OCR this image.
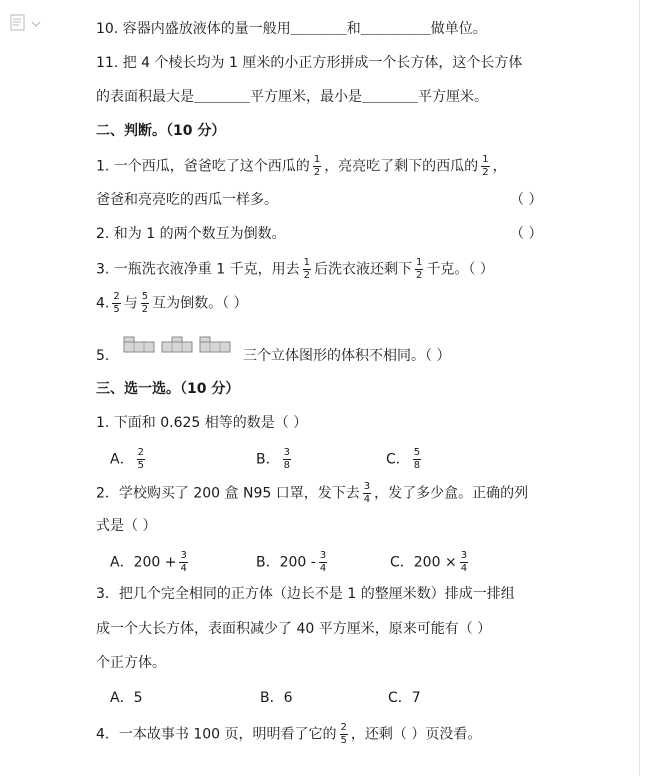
10. 容器内盛放液体的量一般用＿＿＿＿和＿＿＿＿＿做单位。
11. 把 4 个棱长均为 1 厘米的小正方形拼成一个长方体，这个长方体
的表面积最大是＿＿＿＿平方厘米，最小是＿＿＿＿平方厘米。
二、判断。（10 分）
1. 一个西瓜，爸爸吃了这个西瓜的 $\frac{1}{2}$ ，亮亮吃了剩下的西瓜的 $\frac{1}{2}$ ，
爸爸和亮亮吃的西瓜一样多。	（ ）
2. 和为 1 的两个数互为倒数。	（ ）
3. 一瓶洗衣液净重 1 千克，用去 $\frac{1}{2}$ 后洗衣液还剩下 $\frac{1}{2}$ 千克。（ ）
4. $\frac{2}{5}$ 与 $\frac{5}{2}$ 互为倒数。（ ）
5.	三个立体图形的体积不相同。（ ）
三、选一选。（10 分）
1. 下面和 0.625 相等的数是（ ）
A． $\frac{2}{5}$	B． $\frac{3}{8}$	C． $\frac{5}{8}$
2．学校购买了 200 盒 N95 口罩，发下去 $\frac{3}{4}$ ，发了多少盒。正确的列
式是（ ）
A．$200 + \frac{3}{4}$	B．$200 - \frac{3}{4}$	C．$200 \times \frac{3}{4}$
3．把几个完全相同的正方体（边长不是 1 的整厘米数）排成一排组
成一个大长方体，表面积减少了 40 平方厘米，原来可能有（ ）
个正方体。
A．5	B．6	C．7
4．一本故事书 100 页，明明看了它的 $\frac{2}{5}$ ，还剩（ ）页没看。
